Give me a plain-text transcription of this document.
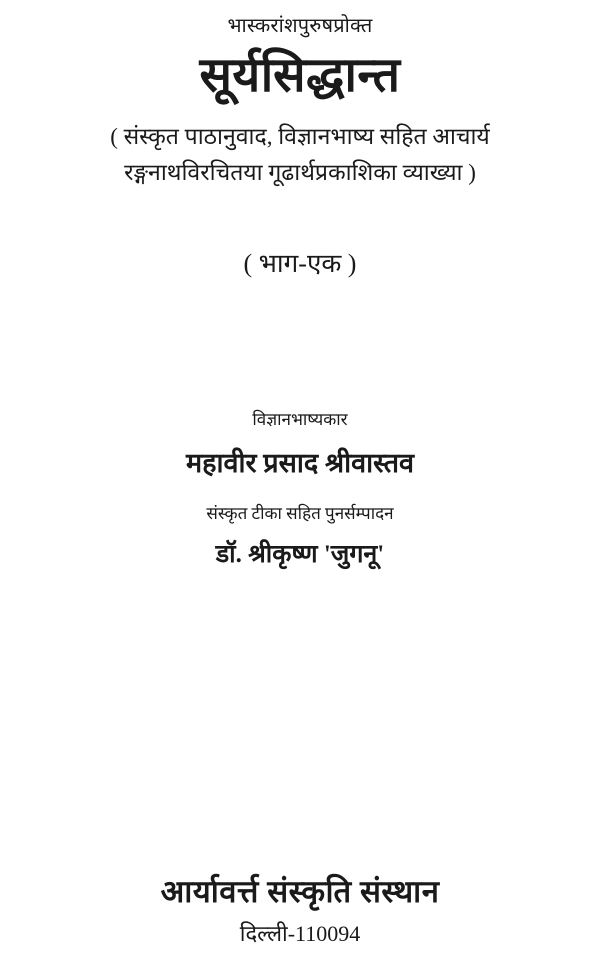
भास्करांशपुरुषप्रोक्त
सूर्यसिद्धान्त
( संस्कृत पाठानुवाद, विज्ञानभाष्य सहित आचार्य
रङ्गनाथविरचितया गूढार्थप्रकाशिका व्याख्या )
( भाग-एक )
विज्ञानभाष्यकार
महावीर प्रसाद श्रीवास्तव
संस्कृत टीका सहित पुनर्सम्पादन
डॉ. श्रीकृष्ण 'जुगनू'
आर्यावर्त्त संस्कृति संस्थान
दिल्ली-110094
